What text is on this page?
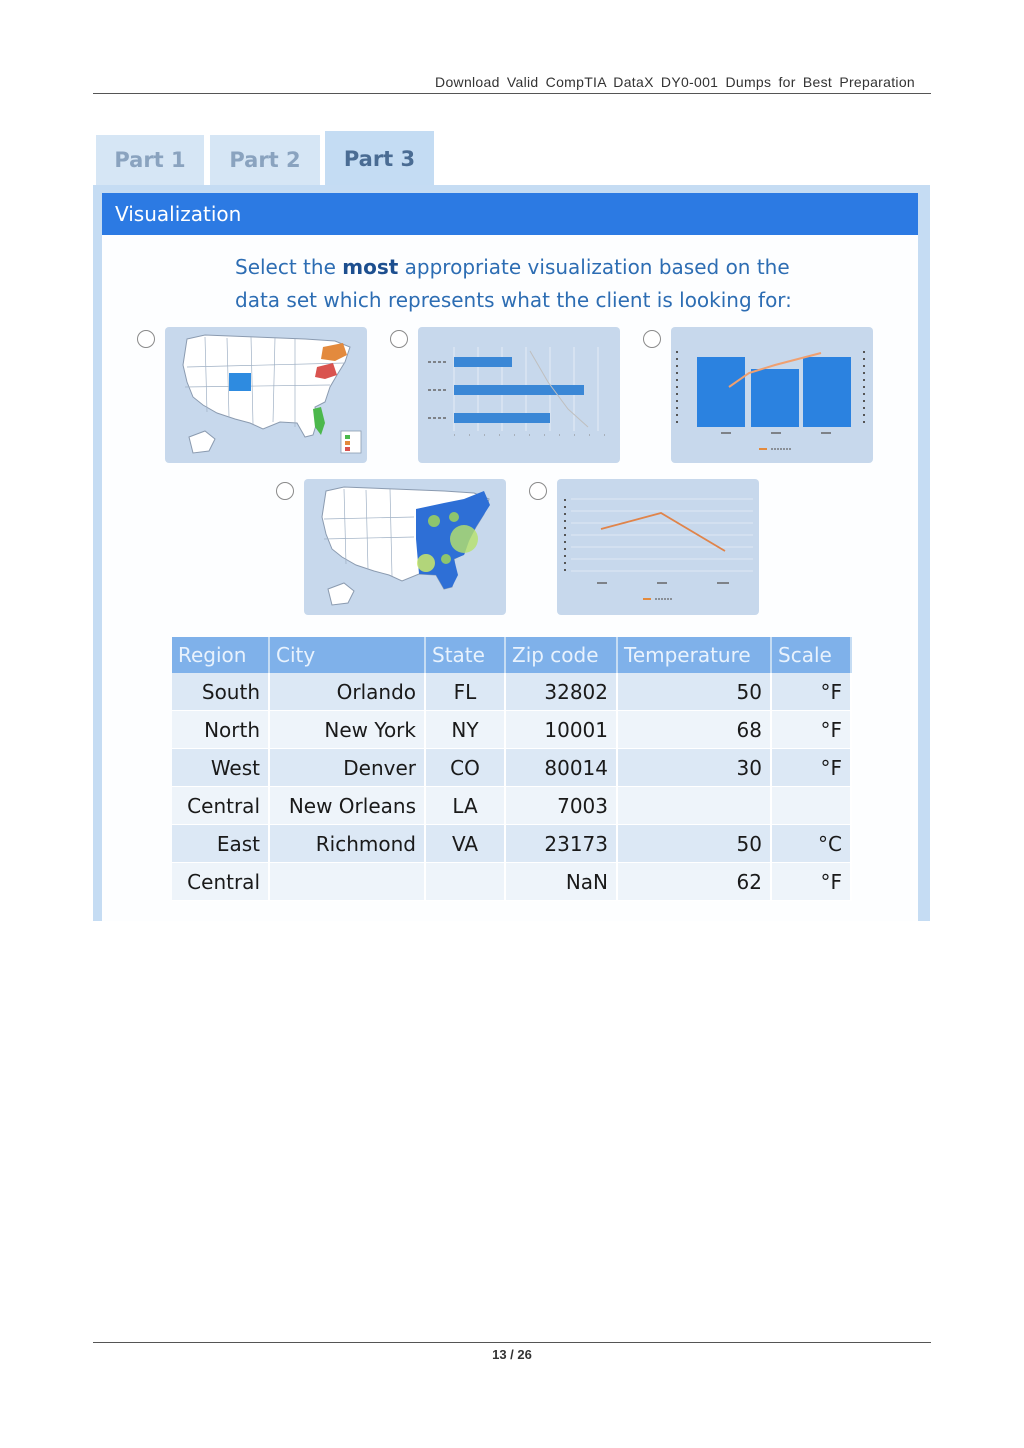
Download Valid CompTIA DataX DY0-001 Dumps for Best Preparation
Part 1	Part 2	Part 3
Visualization
Select the most appropriate visualization based on the data set which represents what the client is looking for:
Region	City	State	Zip code	Temperature	Scale
South	Orlando	FL	32802	50	°F
North	New York	NY	10001	68	°F
West	Denver	CO	80014	30	°F
Central	New Orleans	LA	7003		
East	Richmond	VA	23173	50	°C
Central			NaN	62	°F
13 / 26
